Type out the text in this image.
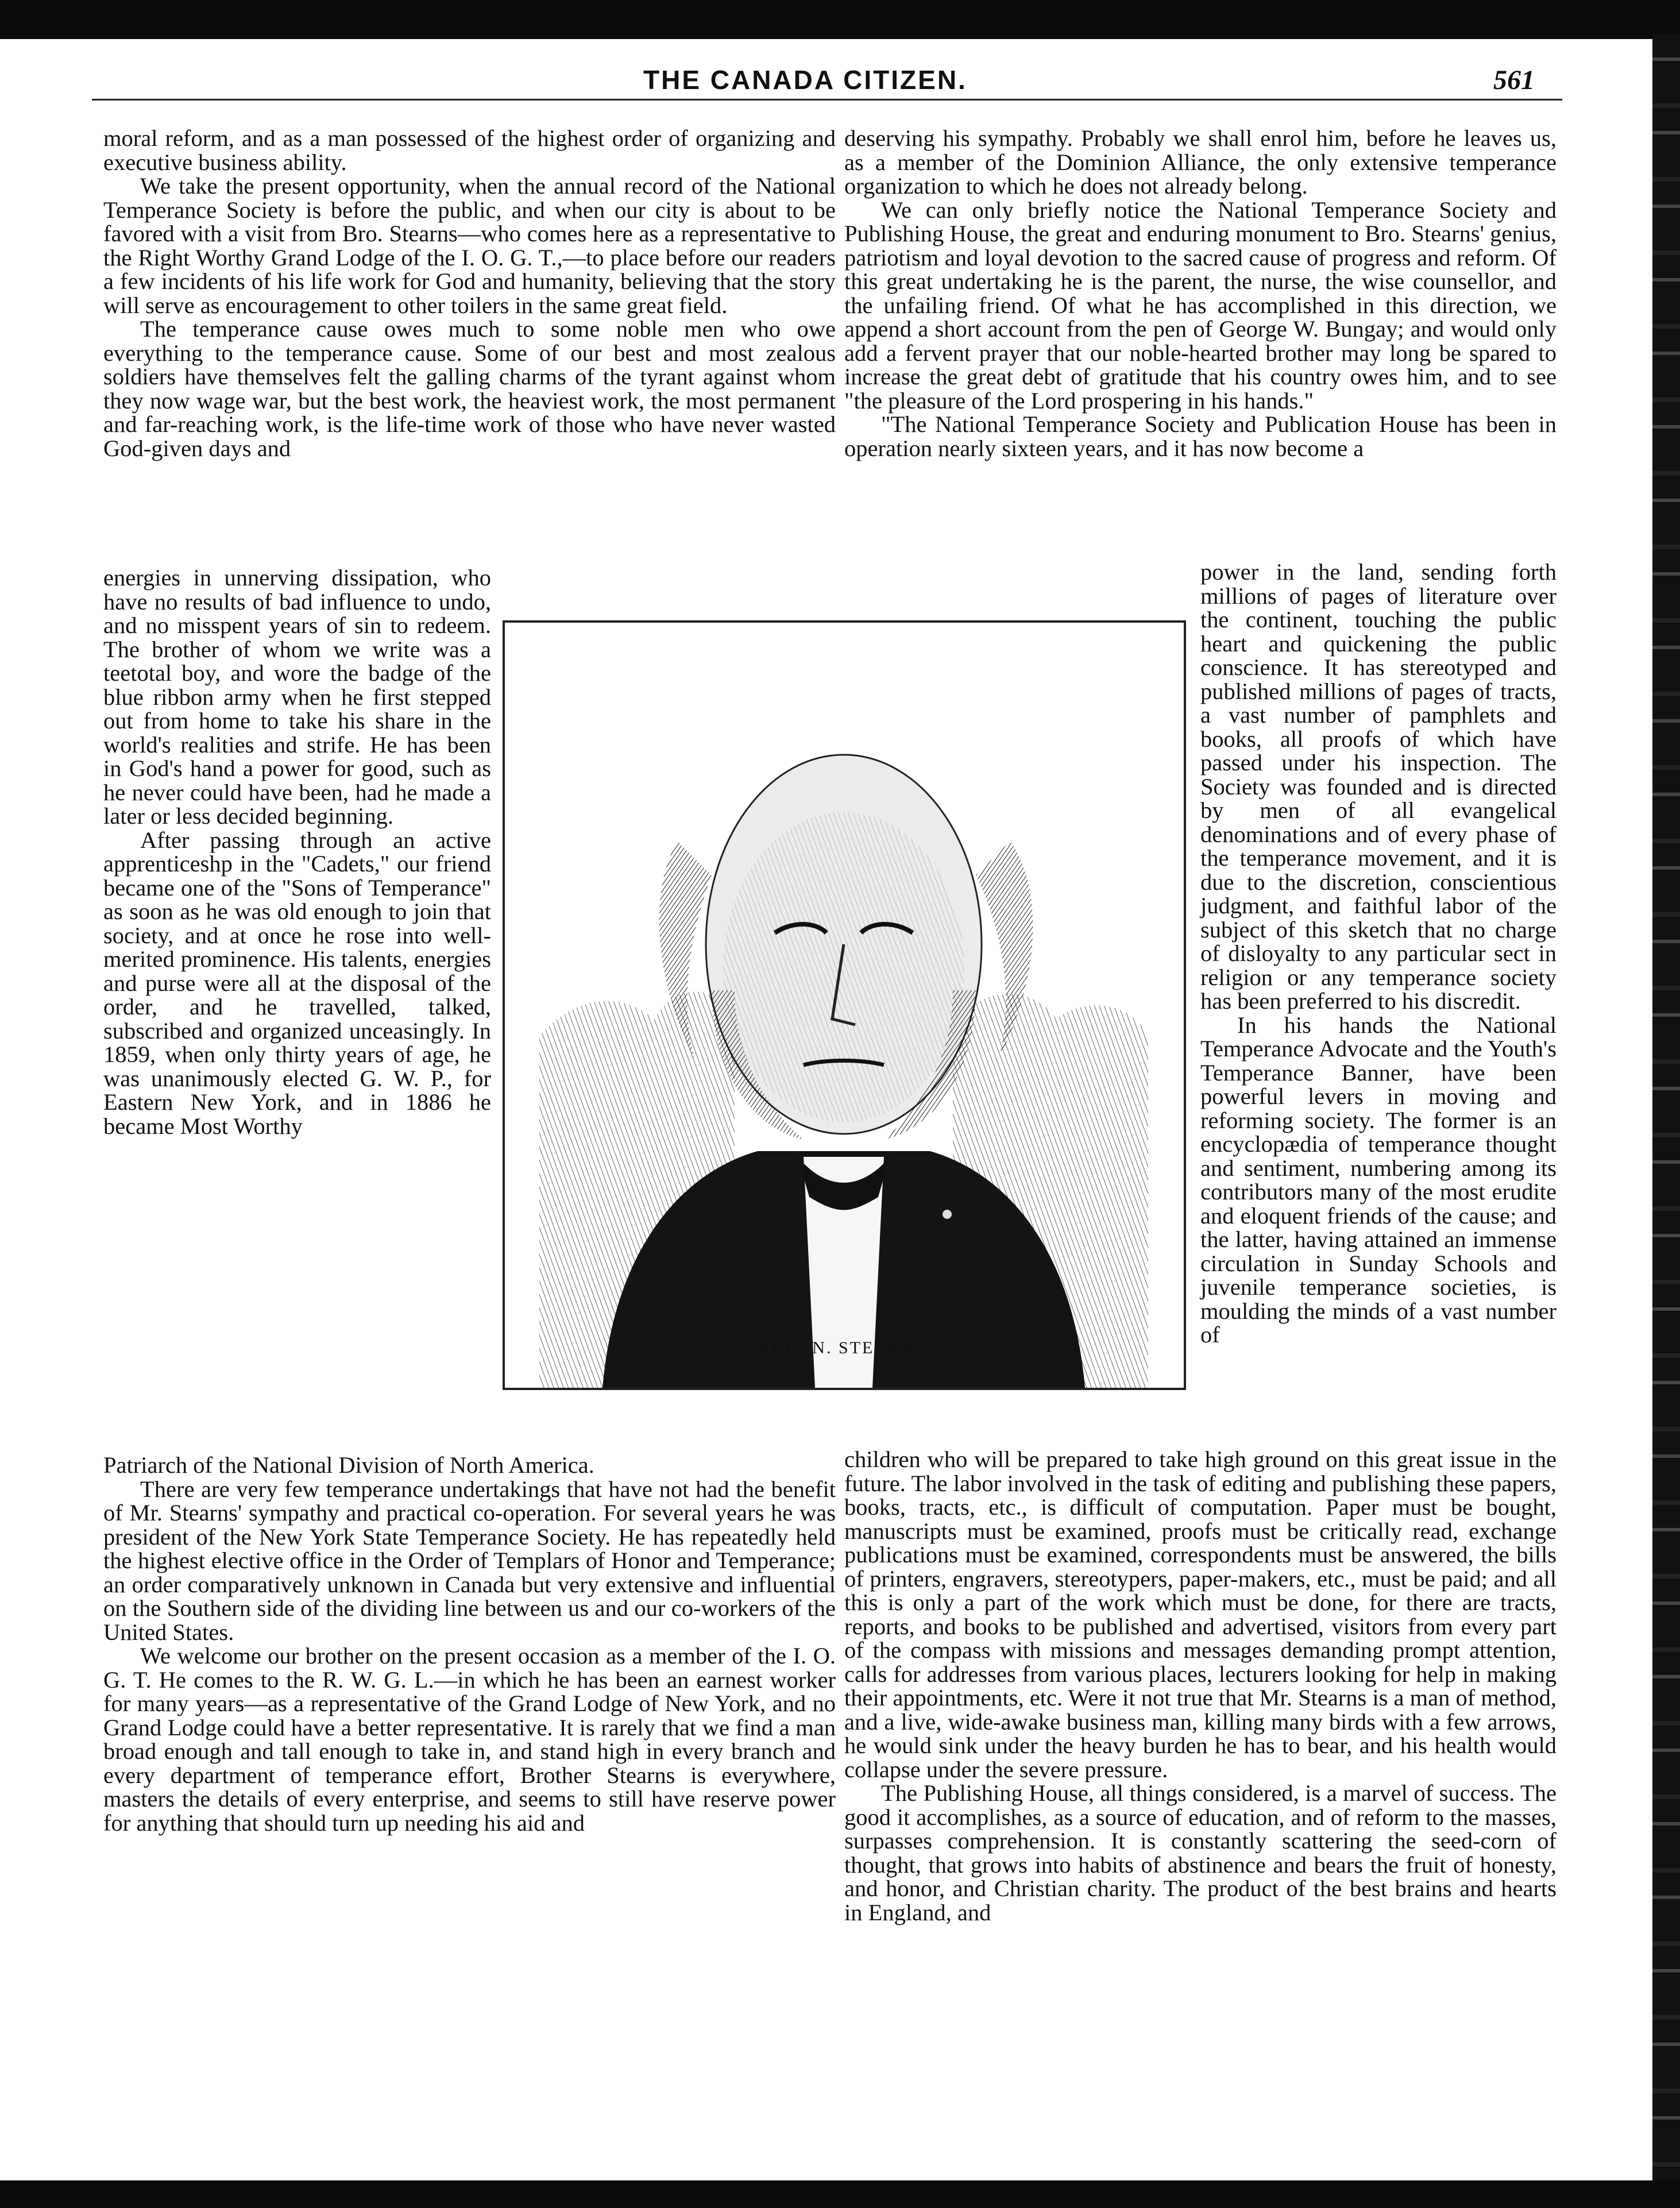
THE CANADA CITIZEN.	561

moral reform, and as a man possessed of the highest order of organizing and executive business ability.

We take the present opportunity, when the annual record of the National Temperance Society is before the public, and when our city is about to be favored with a visit from Bro. Stearns—who comes here as a representative to the Right Worthy Grand Lodge of the I. O. G. T.,—to place before our readers a few incidents of his life work for God and humanity, believing that the story will serve as encouragement to other toilers in the same great field.

The temperance cause owes much to some noble men who owe everything to the temperance cause. Some of our best and most zealous soldiers have themselves felt the galling charms of the tyrant against whom they now wage war, but the best work, the heaviest work, the most permanent and far-reaching work, is the life-time work of those who have never wasted God-given days and

energies in unnerving dissipation, who have no results of bad influence to undo, and no misspent years of sin to redeem. The brother of whom we write was a teetotal boy, and wore the badge of the blue ribbon army when he first stepped out from home to take his share in the world's realities and strife. He has been in God's hand a power for good, such as he never could have been, had he made a later or less decided beginning.

After passing through an active apprenticeshp in the "Cadets," our friend became one of the "Sons of Temperance" as soon as he was old enough to join that society, and at once he rose into well-merited prominence. His talents, energies and purse were all at the disposal of the order, and he travelled, talked, subscribed and organized unceasingly. In 1859, when only thirty years of age, he was unanimously elected G. W. P., for Eastern New York, and in 1886 he became Most Worthy

Patriarch of the National Division of North America.

There are very few temperance undertakings that have not had the benefit of Mr. Stearns' sympathy and practical co-operation. For several years he was president of the New York State Temperance Society. He has repeatedly held the highest elective office in the Order of Templars of Honor and Temperance; an order comparatively unknown in Canada but very extensive and influential on the Southern side of the dividing line between us and our co-workers of the United States.

We welcome our brother on the present occasion as a member of the I. O. G. T. He comes to the R. W. G. L.—in which he has been an earnest worker for many years—as a representative of the Grand Lodge of New York, and no Grand Lodge could have a better representative. It is rarely that we find a man broad enough and tall enough to take in, and stand high in every branch and every department of temperance effort, Brother Stearns is everywhere, masters the details of every enterprise, and seems to still have reserve power for anything that should turn up needing his aid and

deserving his sympathy. Probably we shall enrol him, before he leaves us, as a member of the Dominion Alliance, the only extensive temperance organization to which he does not already belong.

We can only briefly notice the National Temperance Society and Publishing House, the great and enduring monument to Bro. Stearns' genius, patriotism and loyal devotion to the sacred cause of progress and reform. Of this great undertaking he is the parent, the nurse, the wise counsellor, and the unfailing friend. Of what he has accomplished in this direction, we append a short account from the pen of George W. Bungay; and would only add a fervent prayer that our noble-hearted brother may long be spared to increase the great debt of gratitude that his country owes him, and to see "the pleasure of the Lord prospering in his hands."

"The National Temperance Society and Publication House has been in operation nearly sixteen years, and it has now become a

power in the land, sending forth millions of pages of literature over the continent, touching the public heart and quickening the public conscience. It has stereotyped and published millions of pages of tracts, a vast number of pamphlets and books, all proofs of which have passed under his inspection. The Society was founded and is directed by men of all evangelical denominations and of every phase of the temperance movement, and it is due to the discretion, conscientious judgment, and faithful labor of the subject of this sketch that no charge of disloyalty to any particular sect in religion or any temperance society has been preferred to his discredit.

In his hands the National Temperance Advocate and the Youth's Temperance Banner, have been powerful levers in moving and reforming society. The former is an encyclopædia of temperance thought and sentiment, numbering among its contributors many of the most erudite and eloquent friends of the cause; and the latter, having attained an immense circulation in Sunday Schools and juvenile temperance societies, is moulding the minds of a vast number of

children who will be prepared to take high ground on this great issue in the future. The labor involved in the task of editing and publishing these papers, books, tracts, etc., is difficult of computation. Paper must be bought, manuscripts must be examined, proofs must be critically read, exchange publications must be examined, correspondents must be answered, the bills of printers, engravers, stereotypers, paper-makers, etc., must be paid; and all this is only a part of the work which must be done, for there are tracts, reports, and books to be published and advertised, visitors from every part of the compass with missions and messages demanding prompt attention, calls for addresses from various places, lecturers looking for help in making their appointments, etc. Were it not true that Mr. Stearns is a man of method, and a live, wide-awake business man, killing many birds with a few arrows, he would sink under the heavy burden he has to bear, and his health would collapse under the severe pressure.

The Publishing House, all things considered, is a marvel of success. The good it accomplishes, as a source of education, and of reform to the masses, surpasses comprehension. It is constantly scattering the seed-corn of thought, that grows into habits of abstinence and bears the fruit of honesty, and honor, and Christian charity. The product of the best brains and hearts in England, and

JOHN N. STEARNS.
